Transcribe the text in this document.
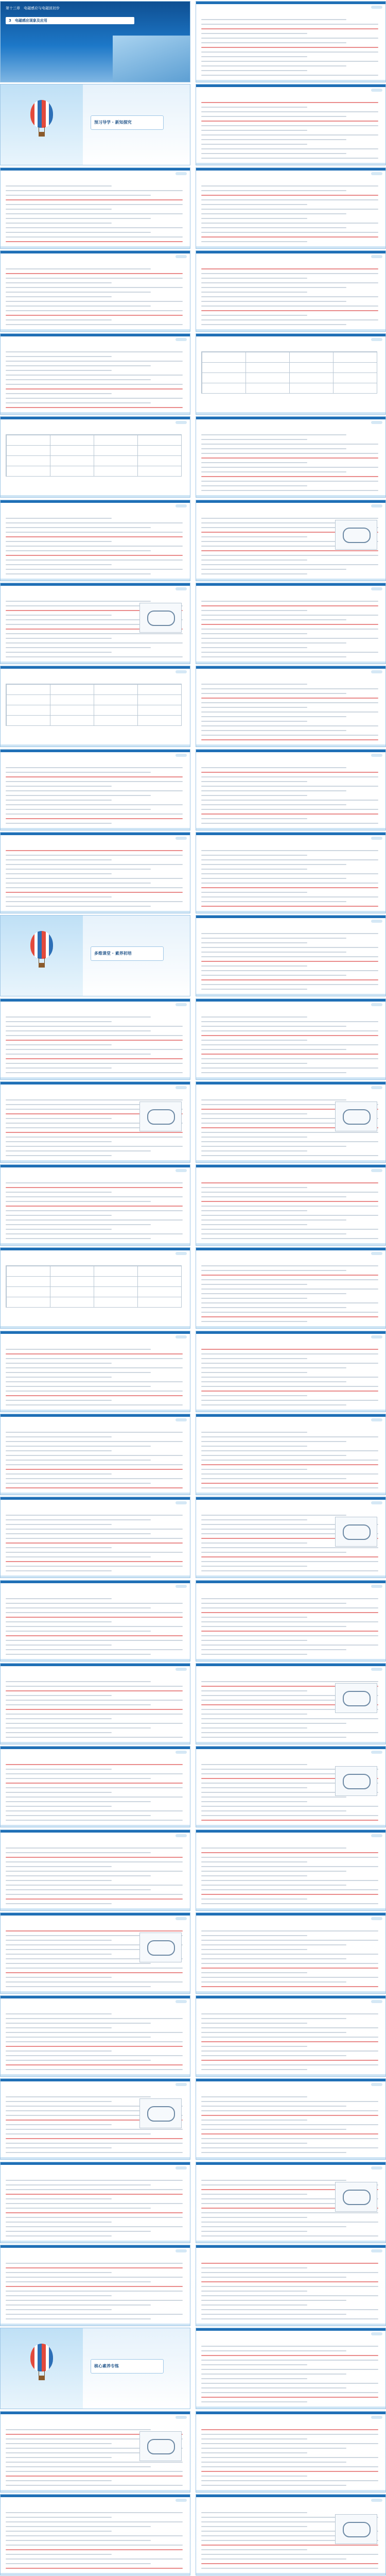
第十三章　电磁感应与电磁波初步
3　电磁感应现象及应用
预习导学 · 新知探究
多维课堂 · 素养初培
核心素养专练
